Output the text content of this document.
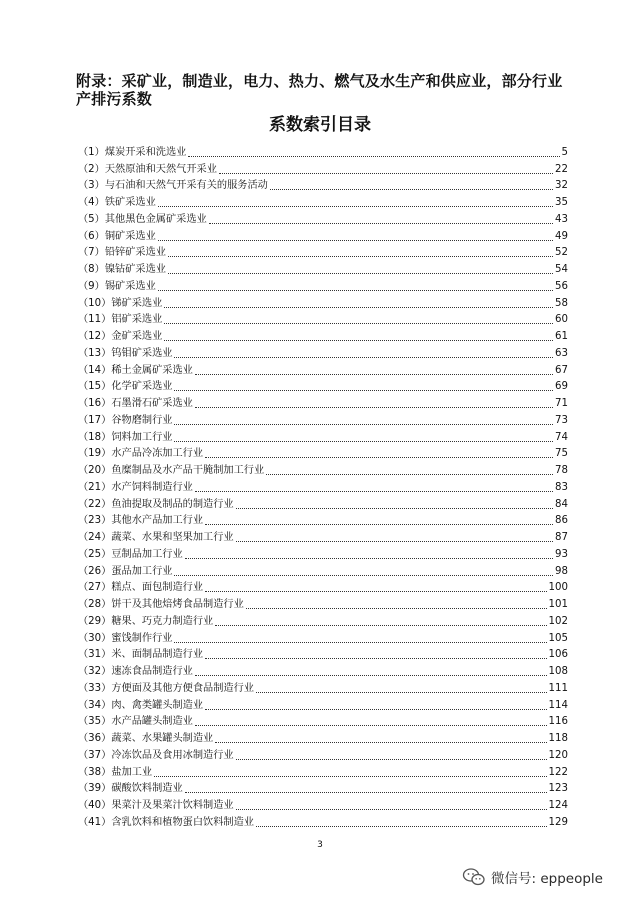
附录：采矿业，制造业，电力、热力、燃气及水生产和供应业，部分行业产排污系数
系数索引目录
（1）煤炭开采和洗选业	5
（2）天然原油和天然气开采业	22
（3）与石油和天然气开采有关的服务活动	32
（4）铁矿采选业	35
（5）其他黑色金属矿采选业	43
（6）铜矿采选业	49
（7）铅锌矿采选业	52
（8）镍钴矿采选业	54
（9）锡矿采选业	56
（10）锑矿采选业	58
（11）铝矿采选业	60
（12）金矿采选业	61
（13）钨钼矿采选业	63
（14）稀土金属矿采选业	67
（15）化学矿采选业	69
（16）石墨滑石矿采选业	71
（17）谷物磨制行业	73
（18）饲料加工行业	74
（19）水产品冷冻加工行业	75
（20）鱼糜制品及水产品干腌制加工行业	78
（21）水产饲料制造行业	83
（22）鱼油提取及制品的制造行业	84
（23）其他水产品加工行业	86
（24）蔬菜、水果和坚果加工行业	87
（25）豆制品加工行业	93
（26）蛋品加工行业	98
（27）糕点、面包制造行业	100
（28）饼干及其他焙烤食品制造行业	101
（29）糖果、巧克力制造行业	102
（30）蜜饯制作行业	105
（31）米、面制品制造行业	106
（32）速冻食品制造行业	108
（33）方便面及其他方便食品制造行业	111
（34）肉、禽类罐头制造业	114
（35）水产品罐头制造业	116
（36）蔬菜、水果罐头制造业	118
（37）冷冻饮品及食用冰制造行业	120
（38）盐加工业	122
（39）碳酸饮料制造业	123
（40）果菜汁及果菜汁饮料制造业	124
（41）含乳饮料和植物蛋白饮料制造业	129
3
微信号: eppeople
